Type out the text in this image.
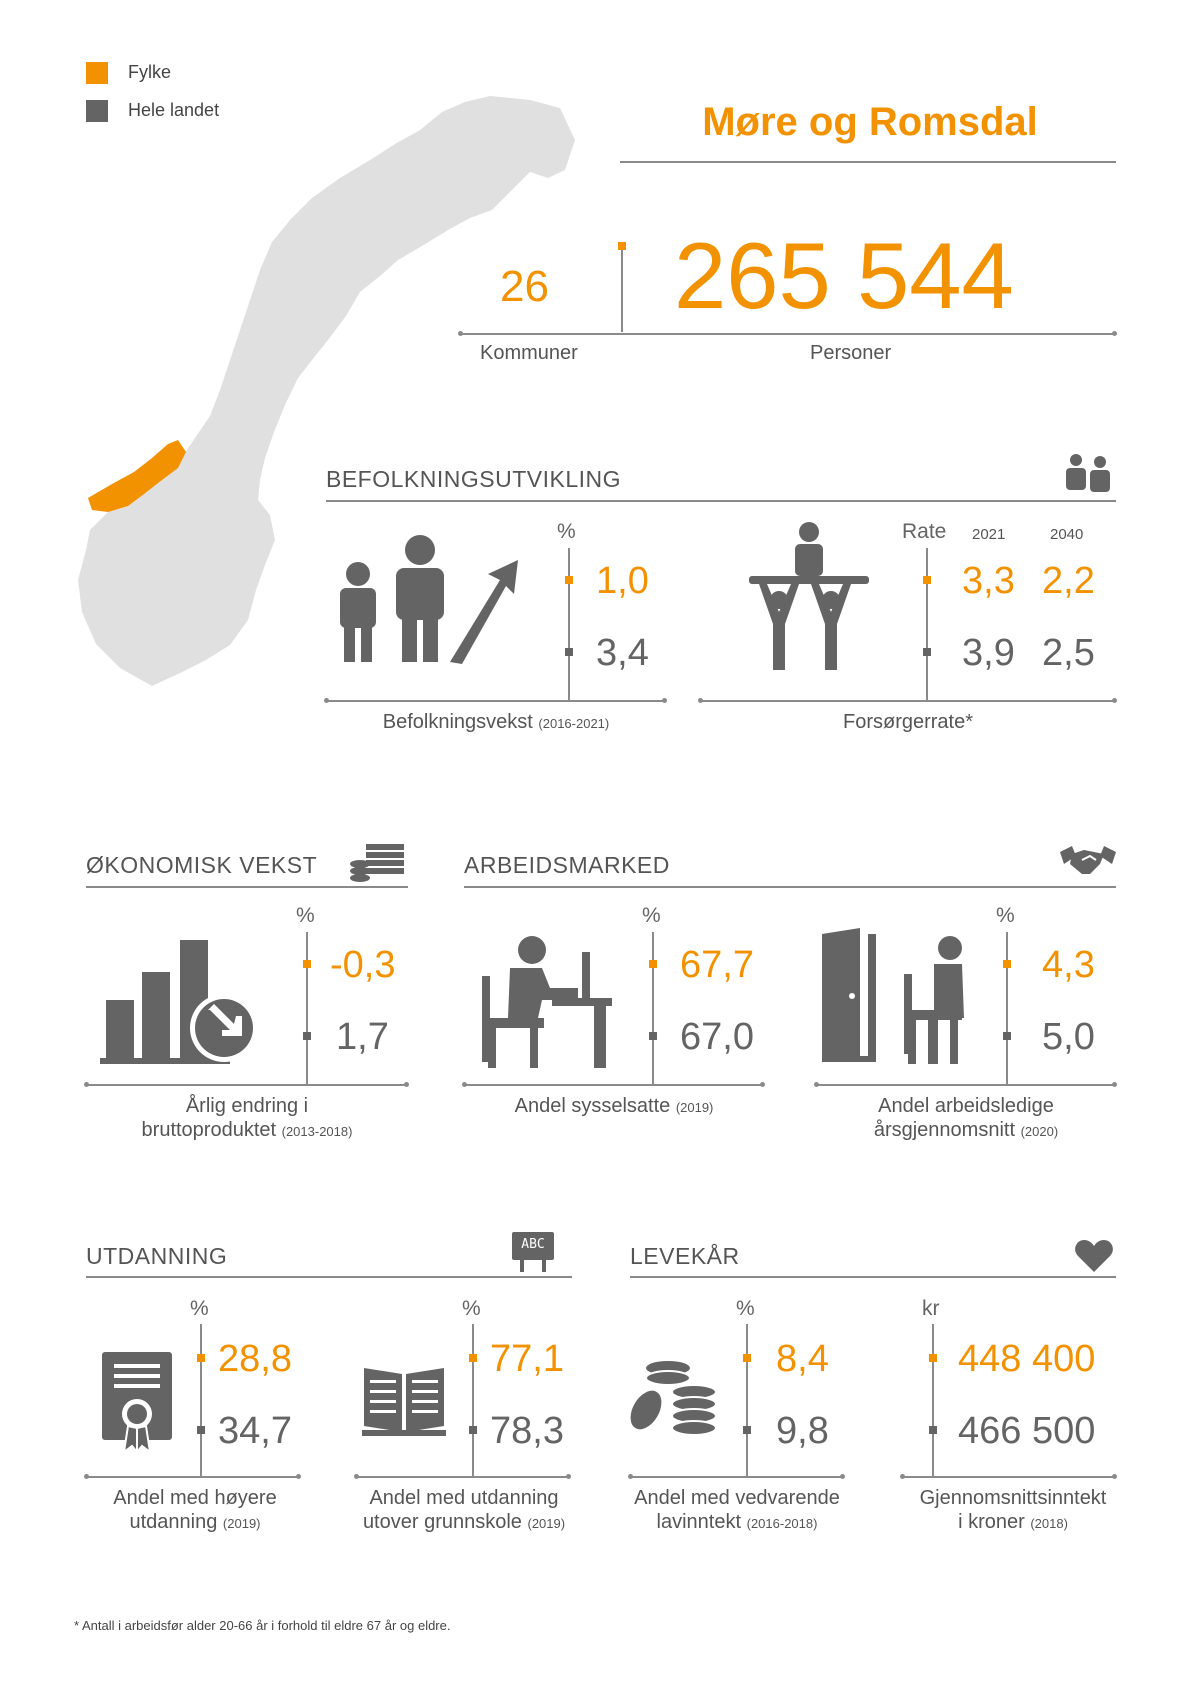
Fylke
Hele landet	Møre og Romsdal
26 265 544
Kommuner	Personer
BEFOLKNINGSUTVIKLING
%
1,0
3,4
Befolkningsvekst (2016-2021)
Rate 2021	2040
3,3 2,2
3,9 2,5
Forsørgerrate*
ØKONOMISK VEKST
%
-0,3
1,7
Årlig endring i
bruttoproduktet (2013-2018)
ARBEIDSMARKED
%
67,7
67,0
Andel sysselsatte (2019)
%
4,3
5,0
Andel arbeidsledige
årsgjennomsnitt (2020)
UTDANNING	ABC
%
28,8
34,7
Andel med høyere
utdanning (2019)
%
77,1
78,3
Andel med utdanning
utover grunnskole (2019)
LEVEKÅR
%
8,4
9,8
Andel med vedvarende
lavinntekt (2016-2018)
kr
448 400
466 500
Gjennomsnittsinntekt
i kroner (2018)
* Antall i arbeidsfør alder 20-66 år i forhold til eldre 67 år og eldre.
